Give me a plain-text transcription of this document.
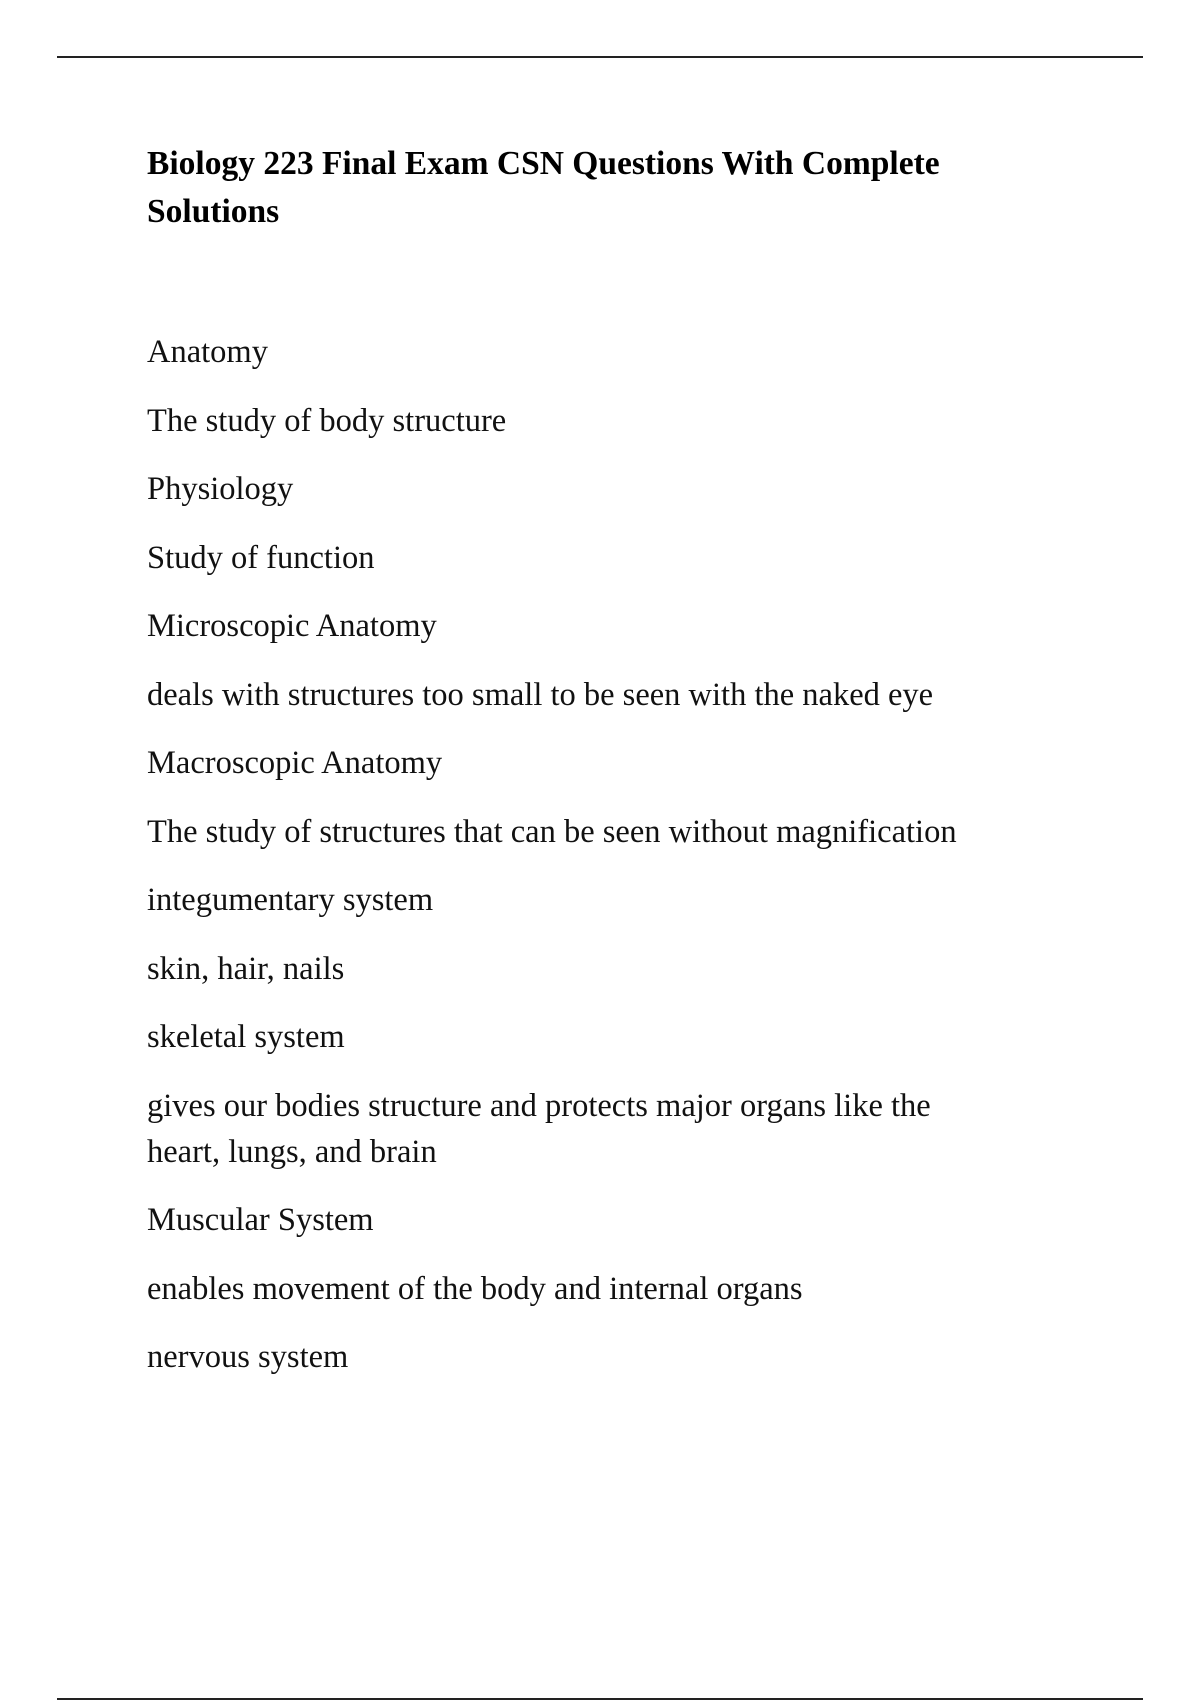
Biology 223 Final Exam CSN Questions With Complete
Solutions

Anatomy

The study of body structure

Physiology

Study of function

Microscopic Anatomy

deals with structures too small to be seen with the naked eye

Macroscopic Anatomy

The study of structures that can be seen without magnification

integumentary system

skin, hair, nails

skeletal system

gives our bodies structure and protects major organs like the
heart, lungs, and brain

Muscular System

enables movement of the body and internal organs

nervous system
